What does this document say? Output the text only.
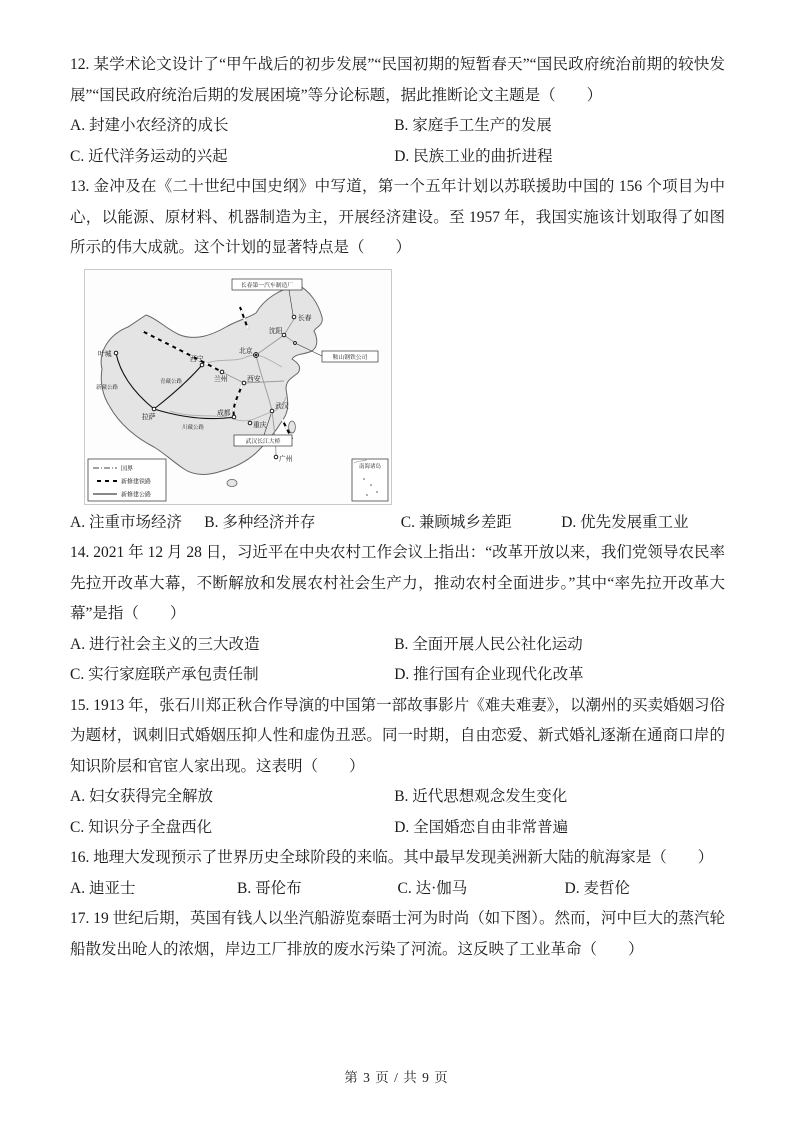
12. 某学术论文设计了“甲午战后的初步发展”“民国初期的短暂春天”“国民政府统治前期的较快发展”“国民政府统治后期的发展困境”等分论标题，据此推断论文主题是（　　）

A. 封建小农经济的成长	B. 家庭手工生产的发展
C. 近代洋务运动的兴起	D. 民族工业的曲折进程

13. 金冲及在《二十世纪中国史纲》中写道，第一个五年计划以苏联援助中国的 156 个项目为中心，以能源、原材料、机器制造为主，开展经济建设。至 1957 年，我国实施该计划取得了如图所示的伟大成就。这个计划的显著特点是（　　）

青藏公路
川藏公路
新藏公路
长春
沈阳
北京
叶城
西宁
兰州	西安
拉萨
成都
重庆
武汉
广州
长春第一汽车制造厂
鞍山钢铁公司
武汉长江大桥
国界
新修建铁路
新修建公路
南海诸岛
A. 注重市场经济	B. 多种经济并存	C. 兼顾城乡差距	D. 优先发展重工业

14. 2021 年 12 月 28 日，习近平在中央农村工作会议上指出：“改革开放以来，我们党领导农民率先拉开改革大幕，不断解放和发展农村社会生产力，推动农村全面进步。”其中“率先拉开改革大幕”是指（　　）

A. 进行社会主义的三大改造	B. 全面开展人民公社化运动
C. 实行家庭联产承包责任制	D. 推行国有企业现代化改革

15. 1913 年，张石川郑正秋合作导演的中国第一部故事影片《难夫难妻》，以潮州的买卖婚姻习俗为题材，讽刺旧式婚姻压抑人性和虚伪丑恶。同一时期，自由恋爱、新式婚礼逐渐在通商口岸的知识阶层和官宦人家出现。这表明（　　）

A. 妇女获得完全解放	B. 近代思想观念发生变化
C. 知识分子全盘西化	D. 全国婚恋自由非常普遍

16. 地理大发现预示了世界历史全球阶段的来临。其中最早发现美洲新大陆的航海家是（　　）

A. 迪亚士	B. 哥伦布	C. 达·伽马	D. 麦哲伦

17. 19 世纪后期，英国有钱人以坐汽船游览泰晤士河为时尚（如下图）。然而，河中巨大的蒸汽轮船散发出呛人的浓烟，岸边工厂排放的废水污染了河流。这反映了工业革命（　　）

第 3 页 / 共 9 页
